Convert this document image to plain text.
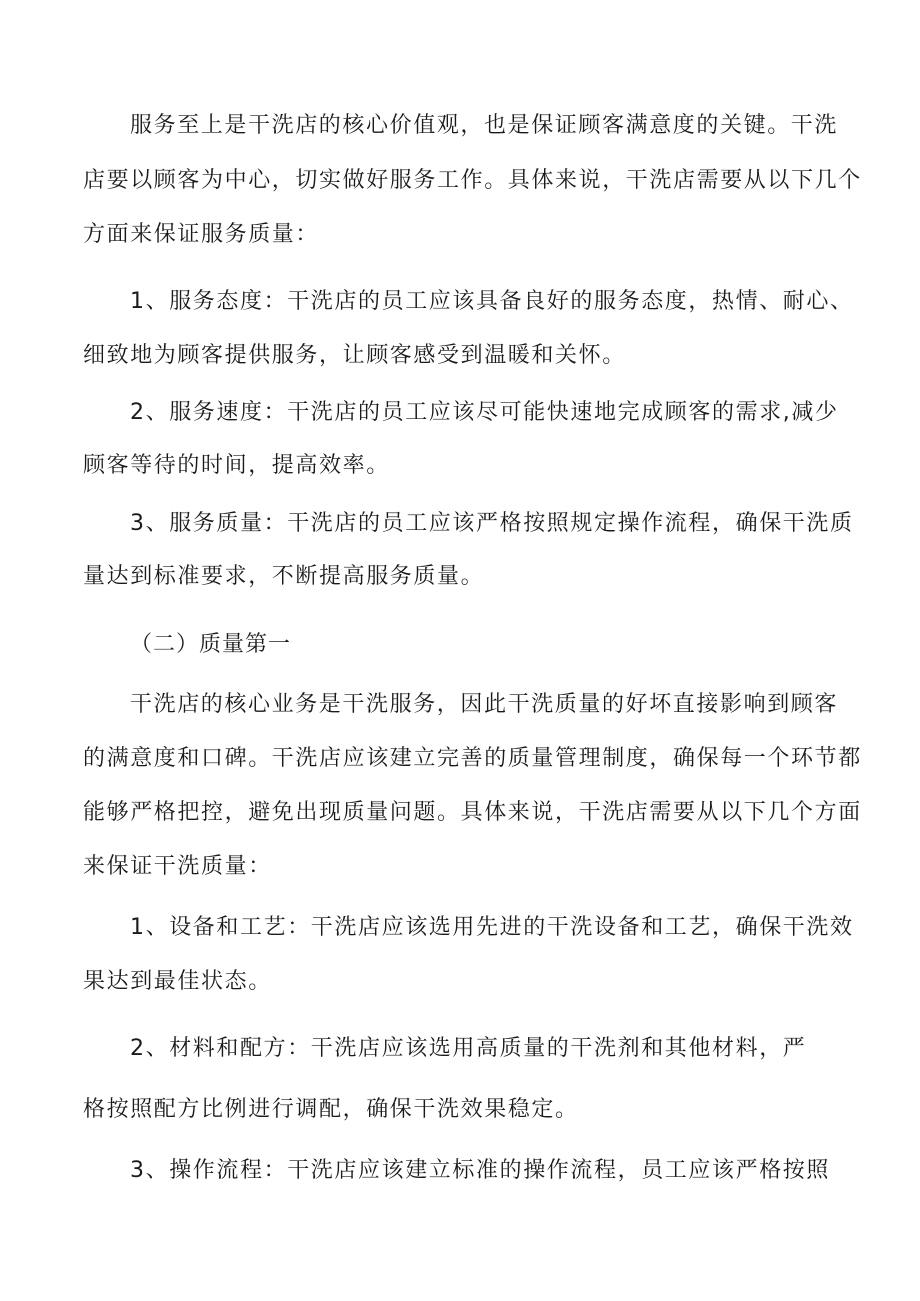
服务至上是干洗店的核心价值观，也是保证顾客满意度的关键。干洗
店要以顾客为中心，切实做好服务工作。具体来说，干洗店需要从以下几个
方面来保证服务质量：
1、服务态度：干洗店的员工应该具备良好的服务态度，热情、耐心、
细致地为顾客提供服务，让顾客感受到温暖和关怀。
2、服务速度：干洗店的员工应该尽可能快速地完成顾客的需求,减少
顾客等待的时间，提高效率。
3、服务质量：干洗店的员工应该严格按照规定操作流程，确保干洗质
量达到标准要求，不断提高服务质量。
（二）质量第一
干洗店的核心业务是干洗服务，因此干洗质量的好坏直接影响到顾客
的满意度和口碑。干洗店应该建立完善的质量管理制度，确保每一个环节都
能够严格把控，避免出现质量问题。具体来说，干洗店需要从以下几个方面
来保证干洗质量：
1、设备和工艺：干洗店应该选用先进的干洗设备和工艺，确保干洗效
果达到最佳状态。
2、材料和配方：干洗店应该选用高质量的干洗剂和其他材料，严
格按照配方比例进行调配，确保干洗效果稳定。
3、操作流程：干洗店应该建立标准的操作流程，员工应该严格按照
